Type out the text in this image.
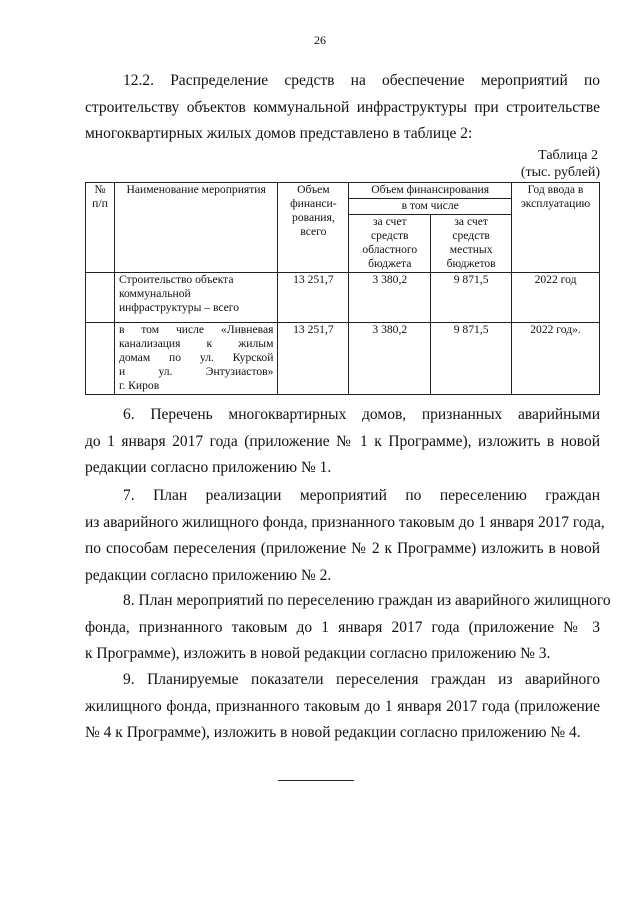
26

12.2. Распределение средств на обеспечение мероприятий по
строительству объектов коммунальной инфраструктуры при строительстве
многоквартирных жилых домов представлено в таблице 2:

Таблица 2
(тыс. рублей)
№ п/п	Наименование мероприятия	Объем финанси-рования, всего	Объем финансирования		Год ввода в эксплуатацию
			в том числе		
			за счет средств областного бюджета	за счет средств местных бюджетов	
	Строительство объекта коммунальной инфраструктуры – всего	13 251,7	3 380,2	9 871,5	2022 год

	в том числе «Ливневая
канализация к жилым
домам по ул. Курской
и ул. Энтузиастов»
г. Киров	13 251,7	3 380,2	9 871,5	2022 год».

6. Перечень многоквартирных домов, признанных аварийными
до 1 января 2017 года (приложение № 1 к Программе), изложить в новой
редакции согласно приложению № 1.

7. План реализации мероприятий по переселению граждан
из аварийного жилищного фонда, признанного таковым до 1 января 2017 года,
по способам переселения (приложение № 2 к Программе) изложить в новой
редакции согласно приложению № 2.

8. План мероприятий по переселению граждан из аварийного жилищного
фонда, признанного таковым до 1 января 2017 года (приложение № 3
к Программе), изложить в новой редакции согласно приложению № 3.

9. Планируемые показатели переселения граждан из аварийного
жилищного фонда, признанного таковым до 1 января 2017 года (приложение
№ 4 к Программе), изложить в новой редакции согласно приложению № 4.
